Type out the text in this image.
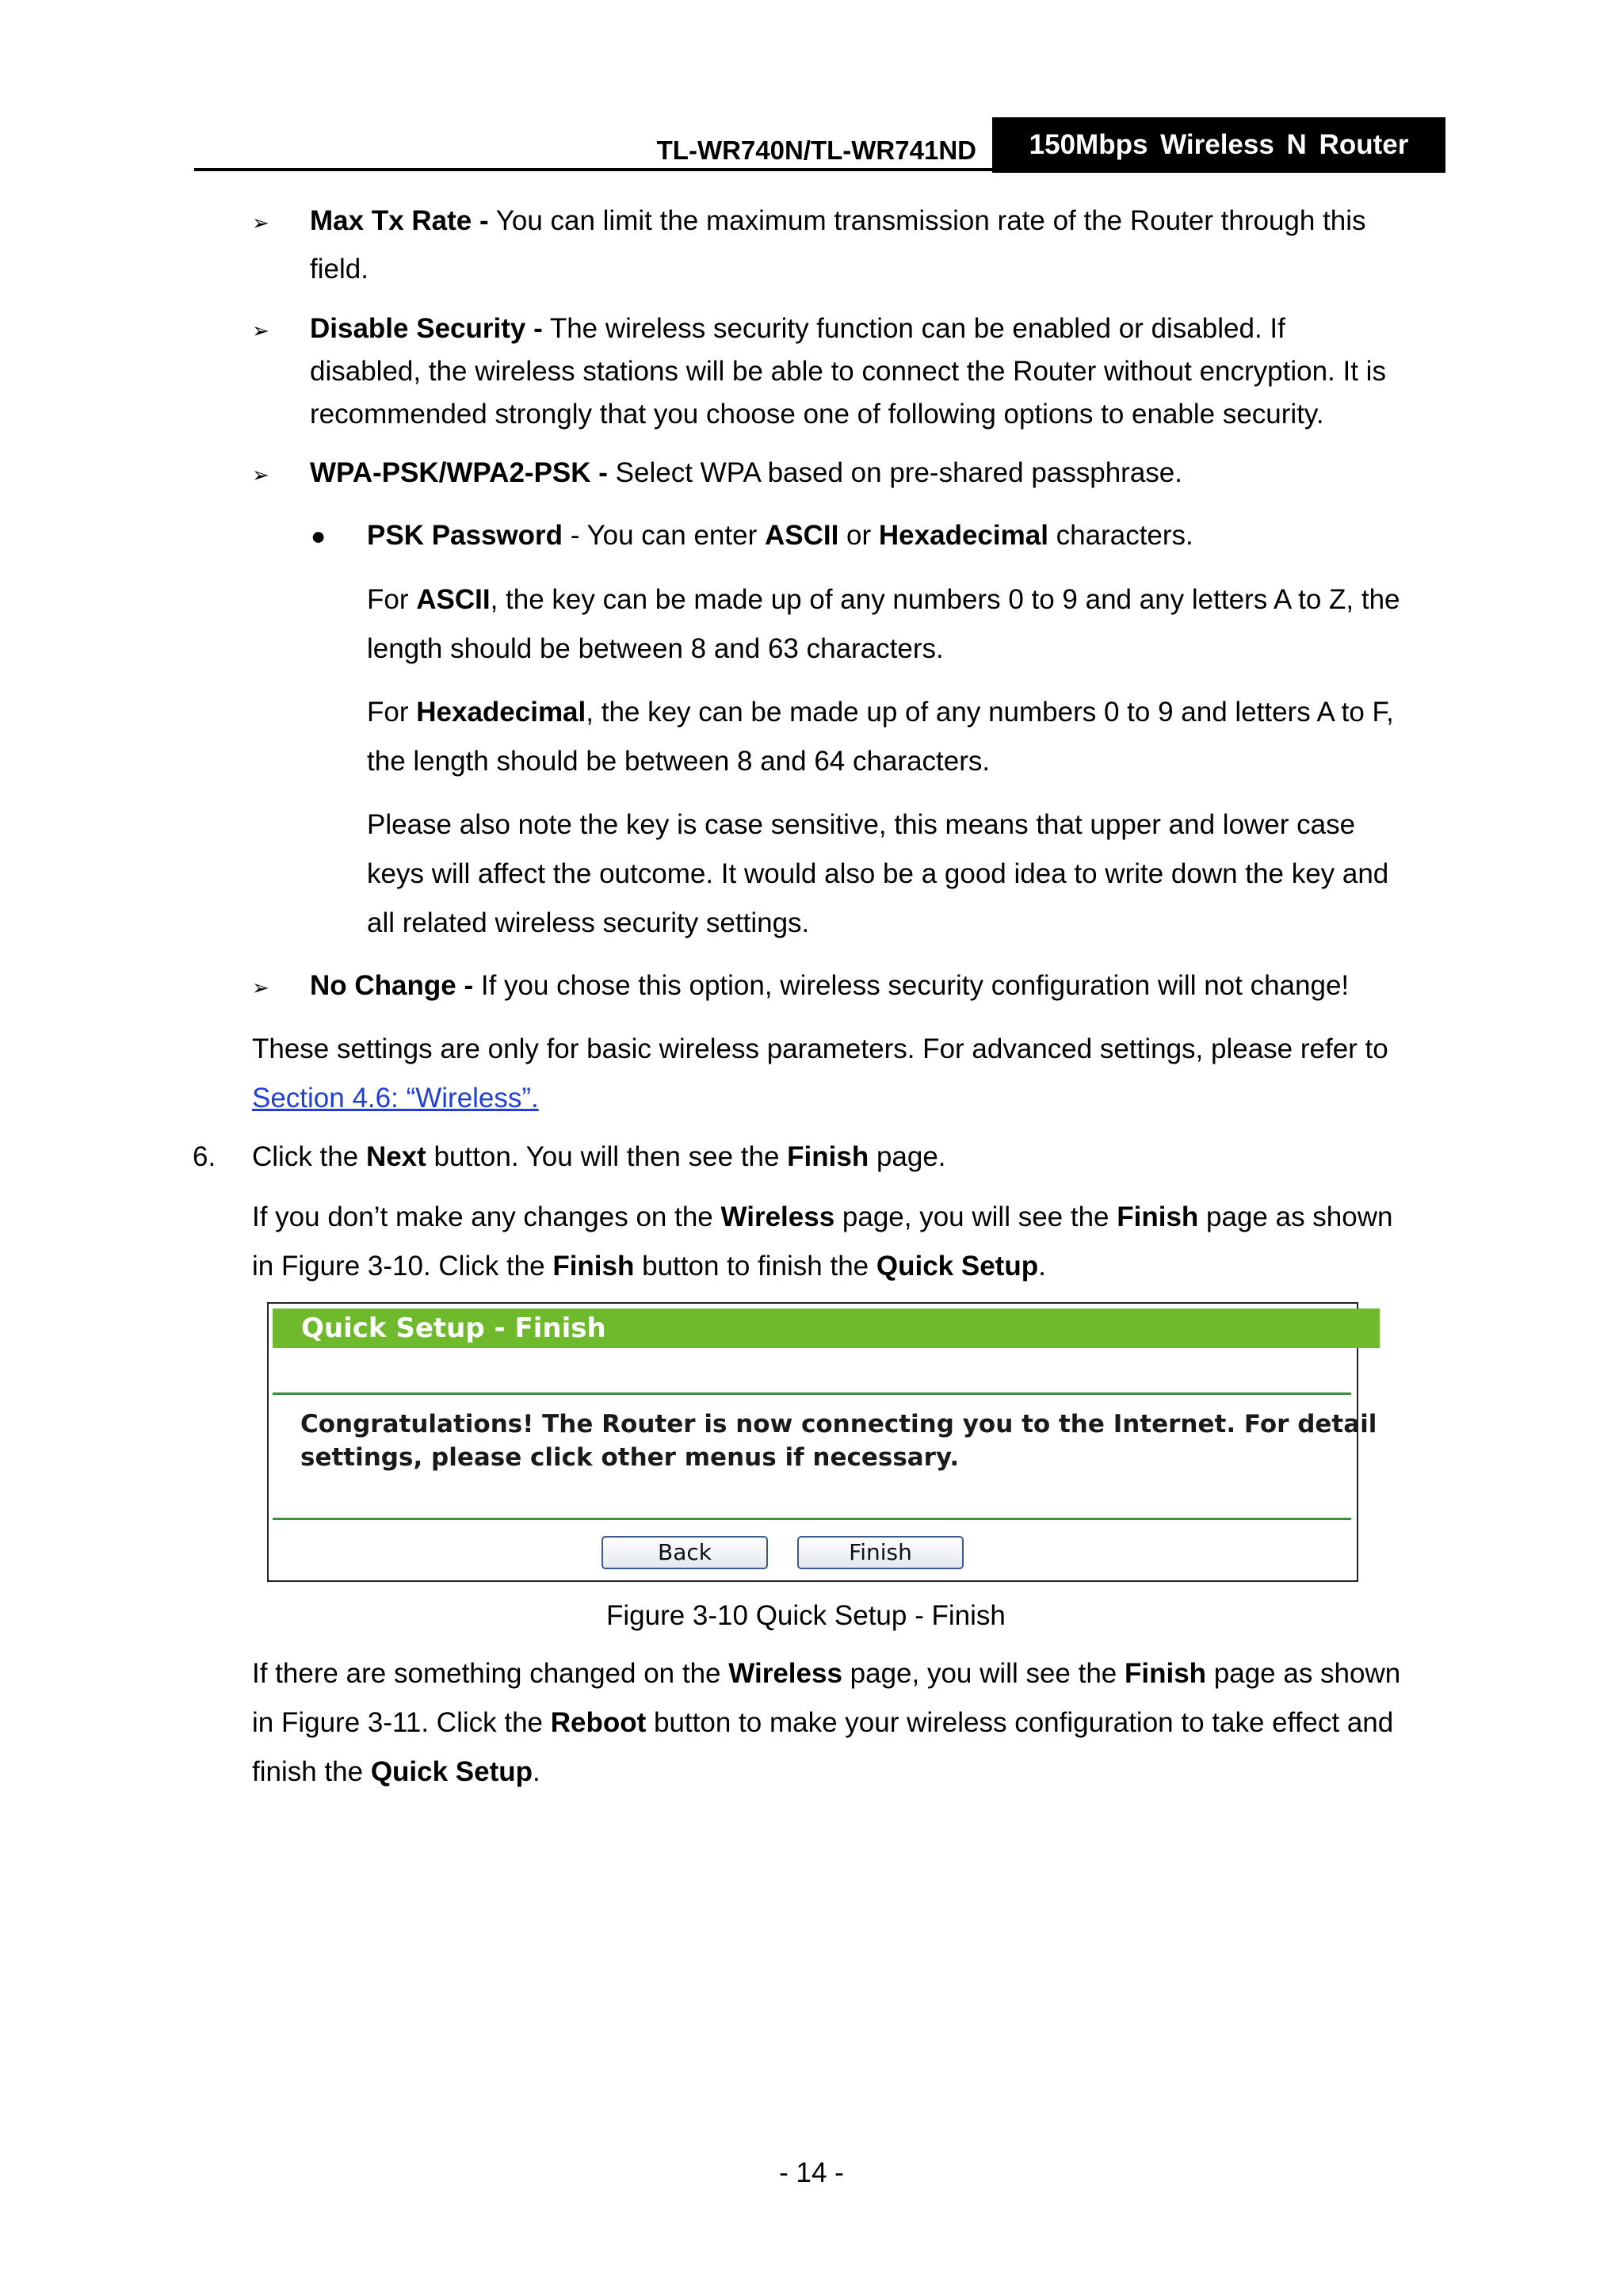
TL-WR740N/TL-WR741ND	150Mbps Wireless N Router
➢ Max Tx Rate - You can limit the maximum transmission rate of the Router through this
field.
➢ Disable Security - The wireless security function can be enabled or disabled. If
disabled, the wireless stations will be able to connect the Router without encryption. It is
recommended strongly that you choose one of following options to enable security.
➢ WPA-PSK/WPA2-PSK - Select WPA based on pre-shared passphrase.
● PSK Password - You can enter ASCII or Hexadecimal characters.
For ASCII, the key can be made up of any numbers 0 to 9 and any letters A to Z, the
length should be between 8 and 63 characters.
For Hexadecimal, the key can be made up of any numbers 0 to 9 and letters A to F,
the length should be between 8 and 64 characters.
Please also note the key is case sensitive, this means that upper and lower case
keys will affect the outcome. It would also be a good idea to write down the key and
all related wireless security settings.
➢ No Change - If you chose this option, wireless security configuration will not change!
These settings are only for basic wireless parameters. For advanced settings, please refer to
Section 4.6: “Wireless”.
6. Click the Next button. You will then see the Finish page.
If you don’t make any changes on the Wireless page, you will see the Finish page as shown
in Figure 3-10. Click the Finish button to finish the Quick Setup.
Quick Setup - Finish
Congratulations! The Router is now connecting you to the Internet. For detail
settings, please click other menus if necessary.
Back	Finish
Figure 3-10 Quick Setup - Finish
If there are something changed on the Wireless page, you will see the Finish page as shown
in Figure 3-11. Click the Reboot button to make your wireless configuration to take effect and
finish the Quick Setup.
- 14 -
